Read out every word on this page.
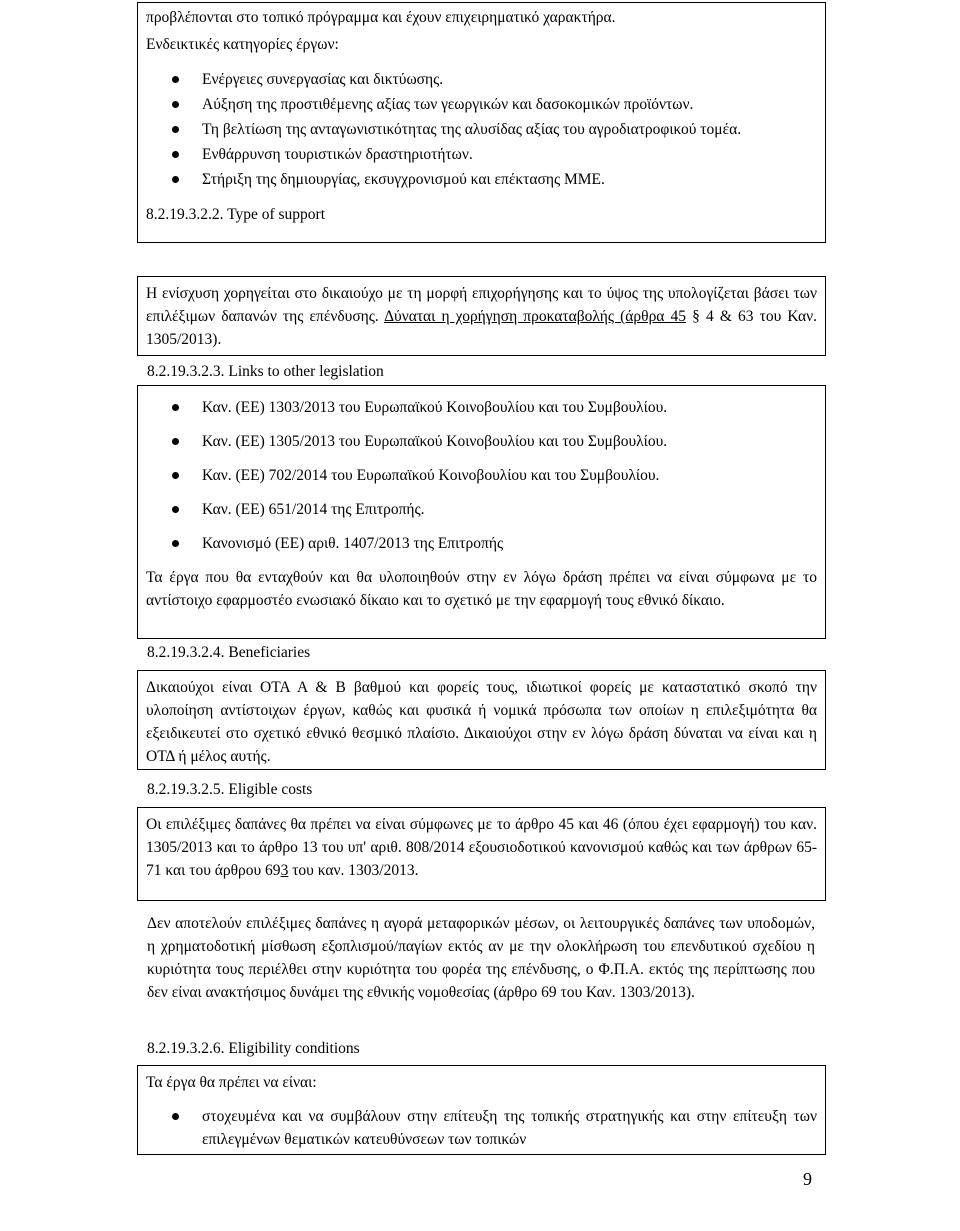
προβλέπονται στο τοπικό πρόγραμμα και έχουν επιχειρηματικό χαρακτήρα.

Ενδεικτικές κατηγορίες έργων:

Ενέργειες συνεργασίας και δικτύωσης.
Αύξηση της προστιθέμενης αξίας των γεωργικών και δασοκομικών προϊόντων.
Τη βελτίωση της ανταγωνιστικότητας της αλυσίδας αξίας του αγροδιατροφικού τομέα.
Ενθάρρυνση τουριστικών δραστηριοτήτων.
Στήριξη της δημιουργίας, εκσυγχρονισμού και επέκτασης ΜΜΕ.

8.2.19.3.2.2. Type of support

Η ενίσχυση χορηγείται στο δικαιούχο με τη μορφή επιχορήγησης και το ύψος της υπολογίζεται βάσει των επιλέξιμων δαπανών της επένδυσης. Δύναται η χορήγηση προκαταβολής (άρθρα 45 § 4 & 63 του Καν. 1305/2013).

8.2.19.3.2.3. Links to other legislation

Καν. (ΕΕ) 1303/2013 του Ευρωπαϊκού Κοινοβουλίου και του Συμβουλίου.
Καν. (ΕΕ) 1305/2013 του Ευρωπαϊκού Κοινοβουλίου και του Συμβουλίου.
Καν. (ΕΕ) 702/2014 του Ευρωπαϊκού Κοινοβουλίου και του Συμβουλίου.
Καν. (ΕΕ) 651/2014 της Επιτροπής.
Κανονισμό (ΕΕ) αριθ. 1407/2013 της Επιτροπής

Τα έργα που θα ενταχθούν και θα υλοποιηθούν στην εν λόγω δράση πρέπει να είναι σύμφωνα με το αντίστοιχο εφαρμοστέο ενωσιακό δίκαιο και το σχετικό με την εφαρμογή τους εθνικό δίκαιο.

8.2.19.3.2.4. Beneficiaries

Δικαιούχοι είναι ΟΤΑ Α & Β βαθμού και φορείς τους, ιδιωτικοί φορείς με καταστατικό σκοπό την υλοποίηση αντίστοιχων έργων, καθώς και φυσικά ή νομικά πρόσωπα των οποίων η επιλεξιμότητα θα εξειδικευτεί στο σχετικό εθνικό θεσμικό πλαίσιο. Δικαιούχοι στην εν λόγω δράση δύναται να είναι και η ΟΤΔ ή μέλος αυτής.

8.2.19.3.2.5. Eligible costs

Οι επιλέξιμες δαπάνες θα πρέπει να είναι σύμφωνες με το άρθρο 45 και 46 (όπου έχει εφαρμογή) του καν. 1305/2013 και το άρθρο 13 του υπ' αριθ. 808/2014 εξουσιοδοτικού κανονισμού καθώς και των άρθρων 65-71 και του άρθρου 693 του καν. 1303/2013.

Δεν αποτελούν επιλέξιμες δαπάνες η αγορά μεταφορικών μέσων, οι λειτουργικές δαπάνες των υποδομών, η χρηματοδοτική μίσθωση εξοπλισμού/παγίων εκτός αν με την ολοκλήρωση του επενδυτικού σχεδίου η κυριότητα τους περιέλθει στην κυριότητα του φορέα της επένδυσης, ο Φ.Π.Α. εκτός της περίπτωσης που δεν είναι ανακτήσιμος δυνάμει της εθνικής νομοθεσίας (άρθρο 69 του Καν. 1303/2013).

8.2.19.3.2.6. Eligibility conditions

Τα έργα θα πρέπει να είναι:

στοχευμένα και να συμβάλουν στην επίτευξη της τοπικής στρατηγικής και στην επίτευξη των επιλεγμένων θεματικών κατευθύνσεων των τοπικών
9
